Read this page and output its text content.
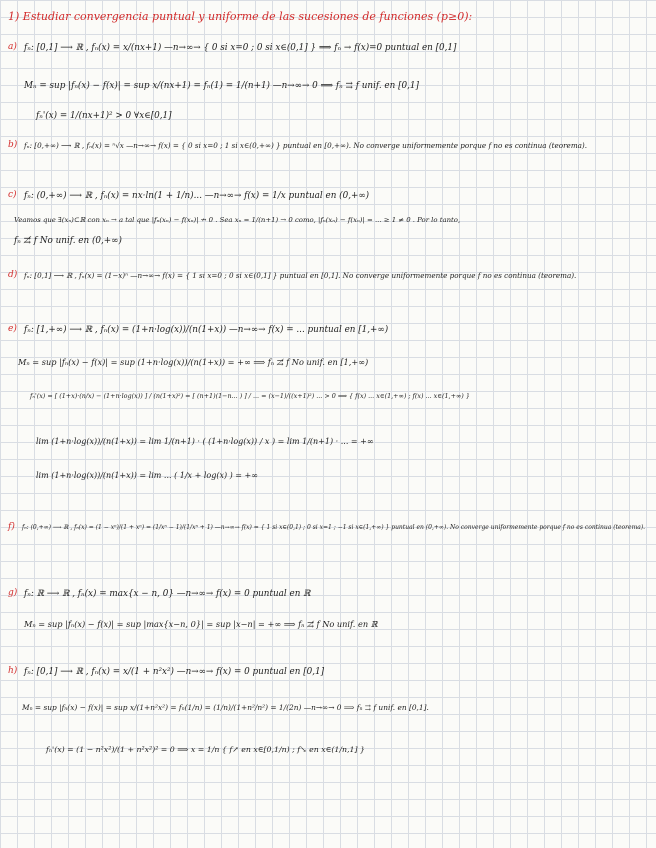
1) Estudiar convergencia puntual y uniforme de las sucesiones de funciones (p≥0):
a) fₙ: [0,1] ⟶ ℝ , fₙ(x) = x/(nx+1) —n→∞→ { 0 si x=0 ; 0 si x∈(0,1] } ⟹ fₙ → f(x)=0 puntual en [0,1]
Mₙ = sup |fₙ(x) − f(x)| = sup x/(nx+1) = fₙ(1) = 1/(n+1) —n→∞→ 0 ⟹ fₙ ⇉ f unif. en [0,1]
fₙ'(x) = 1/(nx+1)² > 0 ∀x∈[0,1]
b) fₙ: [0,+∞) ⟶ ℝ , fₙ(x) = ⁿ√x —n→∞→ f(x) = { 0 si x=0 ; 1 si x∈(0,+∞) } puntual en [0,+∞). No converge uniformemente porque f no es continua (teorema).
c) fₙ: (0,+∞) ⟶ ℝ , fₙ(x) = nx·ln(1 + 1/n)... —n→∞→ f(x) = 1/x puntual en (0,+∞)
Veamos que ∃(xₙ)⊂ℝ con xₙ → a tal que |fₙ(xₙ) − f(xₙ)| ↛ 0 . Sea xₙ = 1/(n+1) → 0 como, |fₙ(xₙ) − f(xₙ)| = ... ≥ 1 ≠ 0 . Por lo tanto,
fₙ ⇉̸ f No unif. en (0,+∞)
d) fₙ: [0,1] ⟶ ℝ , fₙ(x) = (1−x)ⁿ —n→∞→ f(x) = { 1 si x=0 ; 0 si x∈(0,1] } puntual en [0,1]. No converge uniformemente porque f no es continua (teorema).
e) fₙ: [1,+∞) ⟶ ℝ , fₙ(x) = (1+n·log(x))/(n(1+x)) —n→∞→ f(x) = ... puntual en [1,+∞)
Mₙ = sup |fₙ(x) − f(x)| = sup (1+n·log(x))/(n(1+x)) = +∞ ⟹ fₙ ⇉̸ f No unif. en [1,+∞)
fₙ'(x) = [ (1+x)·(n/x) − (1+n·log(x)) ] / (n(1+x)²) = [ (n+1)(1−n... ) ] / ... = (x−1)/((x+1)²) ... > 0 ⟹ { f(x) ... x∈(1,+∞) ; f(x) ... x∈(1,+∞) }
lim (1+n·log(x))/(n(1+x)) = lim 1/(n+1) · ( (1+n·log(x)) / x ) = lim 1/(n+1) · ... = +∞
lim (1+n·log(x))/(n(1+x)) = lim ... ( 1/x + log(x) ) = +∞
f) fₙ: (0,+∞) ⟶ ℝ , fₙ(x) = (1 − xⁿ)/(1 + xⁿ) = (1/xⁿ − 1)/(1/xⁿ + 1) —n→∞→ f(x) = { 1 si x∈(0,1) ; 0 si x=1 ; −1 si x∈(1,+∞) } puntual en (0,+∞). No converge uniformemente porque f no es continua (teorema).
g) fₙ: ℝ ⟶ ℝ , fₙ(x) = max{x − n, 0} —n→∞→ f(x) = 0 puntual en ℝ
Mₙ = sup |fₙ(x) − f(x)| = sup |max{x−n, 0}| = sup |x−n| = +∞ ⟹ fₙ ⇉̸ f No unif. en ℝ
h) fₙ: [0,1] ⟶ ℝ , fₙ(x) = x/(1 + n²x²) —n→∞→ f(x) = 0 puntual en [0,1]
Mₙ = sup |fₙ(x) − f(x)| = sup x/(1+n²x²) = fₙ(1/n) = (1/n)/(1+n²/n²) = 1/(2n) —n→∞→ 0 ⟹ fₙ ⇉ f unif. en [0,1].
fₙ'(x) = (1 − n²x²)/(1 + n²x²)² = 0 ⟹ x = 1/n { f↗ en x∈[0,1/n) ; f↘ en x∈(1/n,1] }
